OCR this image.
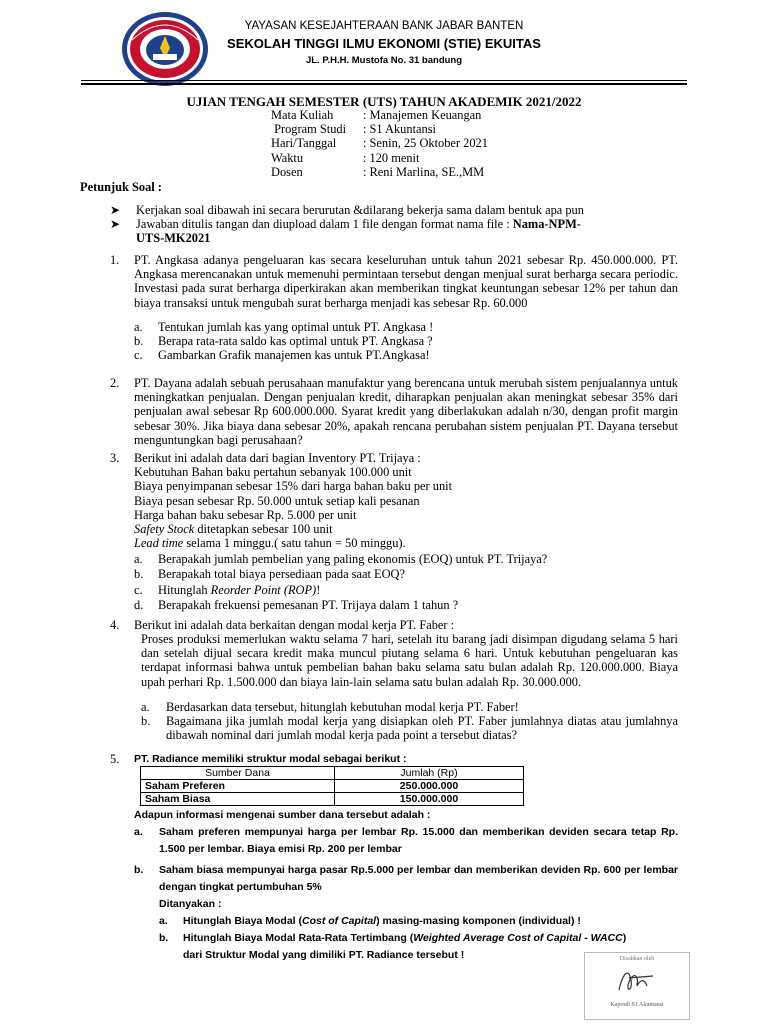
YAYASAN KESEJAHTERAAN BANK JABAR BANTEN
SEKOLAH TINGGI ILMU EKONOMI (STIE) EKUITAS
JL. P.H.H. Mustofa No. 31 bandung
UJIAN TENGAH SEMESTER (UTS) TAHUN AKADEMIK 2021/2022
Mata Kuliah : Manajemen Keuangan
Program Studi : S1 Akuntansi
Hari/Tanggal : Senin, 25 Oktober 2021
Waktu	: 120 menit
Dosen	: Reni Marlina, SE.,MM
Petunjuk Soal :
➤ Kerjakan soal dibawah ini secara berurutan &dilarang bekerja sama dalam bentuk apa pun
➤ Jawaban ditulis tangan dan diupload dalam 1 file dengan format nama file : Nama-NPM-
UTS-MK2021
1. PT. Angkasa adanya pengeluaran kas secara keseluruhan untuk tahun 2021 sebesar Rp. 450.000.000. PT. Angkasa merencanakan untuk memenuhi permintaan tersebut dengan menjual surat berharga secara periodic. Investasi pada surat berharga diperkirakan akan memberikan tingkat keuntungan sebesar 12% per tahun dan biaya transaksi untuk mengubah surat berharga menjadi kas sebesar Rp. 60.000
a. Tentukan jumlah kas yang optimal untuk PT. Angkasa !
b. Berapa rata-rata saldo kas optimal untuk PT. Angkasa ?
c. Gambarkan Grafik manajemen kas untuk PT.Angkasa!
2. PT. Dayana adalah sebuah perusahaan manufaktur yang berencana untuk merubah sistem penjualannya untuk meningkatkan penjualan. Dengan penjualan kredit, diharapkan penjualan akan meningkat sebesar 35% dari penjualan awal sebesar Rp 600.000.000. Syarat kredit yang diberlakukan adalah n/30, dengan profit margin sebesar 30%. Jika biaya dana sebesar 20%, apakah rencana perubahan sistem penjualan PT. Dayana tersebut menguntungkan bagi perusahaan?
3. Berikut ini adalah data dari bagian Inventory PT. Trijaya :
Kebutuhan Bahan baku pertahun sebanyak 100.000 unit
Biaya penyimpanan sebesar 15% dari harga bahan baku per unit
Biaya pesan sebesar Rp. 50.000 untuk setiap kali pesanan
Harga bahan baku sebesar Rp. 5.000 per unit
Safety Stock ditetapkan sebesar 100 unit
Lead time selama 1 minggu.( satu tahun = 50 minggu).
a. Berapakah jumlah pembelian yang paling ekonomis (EOQ) untuk PT. Trijaya?
b. Berapakah total biaya persediaan pada saat EOQ?
c. Hitunglah Reorder Point (ROP)!
d. Berapakah frekuensi pemesanan PT. Trijaya dalam 1 tahun ?
4. Berikut ini adalah data berkaitan dengan modal kerja PT. Faber :
Proses produksi memerlukan waktu selama 7 hari, setelah itu barang jadi disimpan digudang selama 5 hari dan setelah dijual secara kredit maka muncul piutang selama 6 hari. Untuk kebutuhan pengeluaran kas terdapat informasi bahwa untuk pembelian bahan baku selama satu bulan adalah Rp. 120.000.000. Biaya upah perhari Rp. 1.500.000 dan biaya lain-lain selama satu bulan adalah Rp. 30.000.000.
a. Berdasarkan data tersebut, hitunglah kebutuhan modal kerja PT. Faber!
b. Bagaimana jika jumlah modal kerja yang disiapkan oleh PT. Faber jumlahnya diatas atau jumlahnya dibawah nominal dari jumlah modal kerja pada point a tersebut diatas?
5. PT. Radiance memiliki struktur modal sebagai berikut :
Sumber Dana	Jumlah (Rp)
Saham Preferen	250.000.000
Saham Biasa	150.000.000
Adapun informasi mengenai sumber dana tersebut adalah :
a. Saham preferen mempunyai harga per lembar Rp. 15.000 dan memberikan deviden secara tetap Rp. 1.500 per lembar. Biaya emisi Rp. 200 per lembar
b. Saham biasa mempunyai harga pasar Rp.5.000 per lembar dan memberikan deviden Rp. 600 per lembar dengan tingkat pertumbuhan 5%
Ditanyakan :
a. Hitunglah Biaya Modal (Cost of Capital) masing-masing komponen (individual) !
b. Hitunglah Biaya Modal Rata-Rata Tertimbang (Weighted Average Cost of Capital - WACC)
dari Struktur Modal yang dimiliki PT. Radiance tersebut !	Disahkan oleh
Kaprodi S1 Akuntansi
